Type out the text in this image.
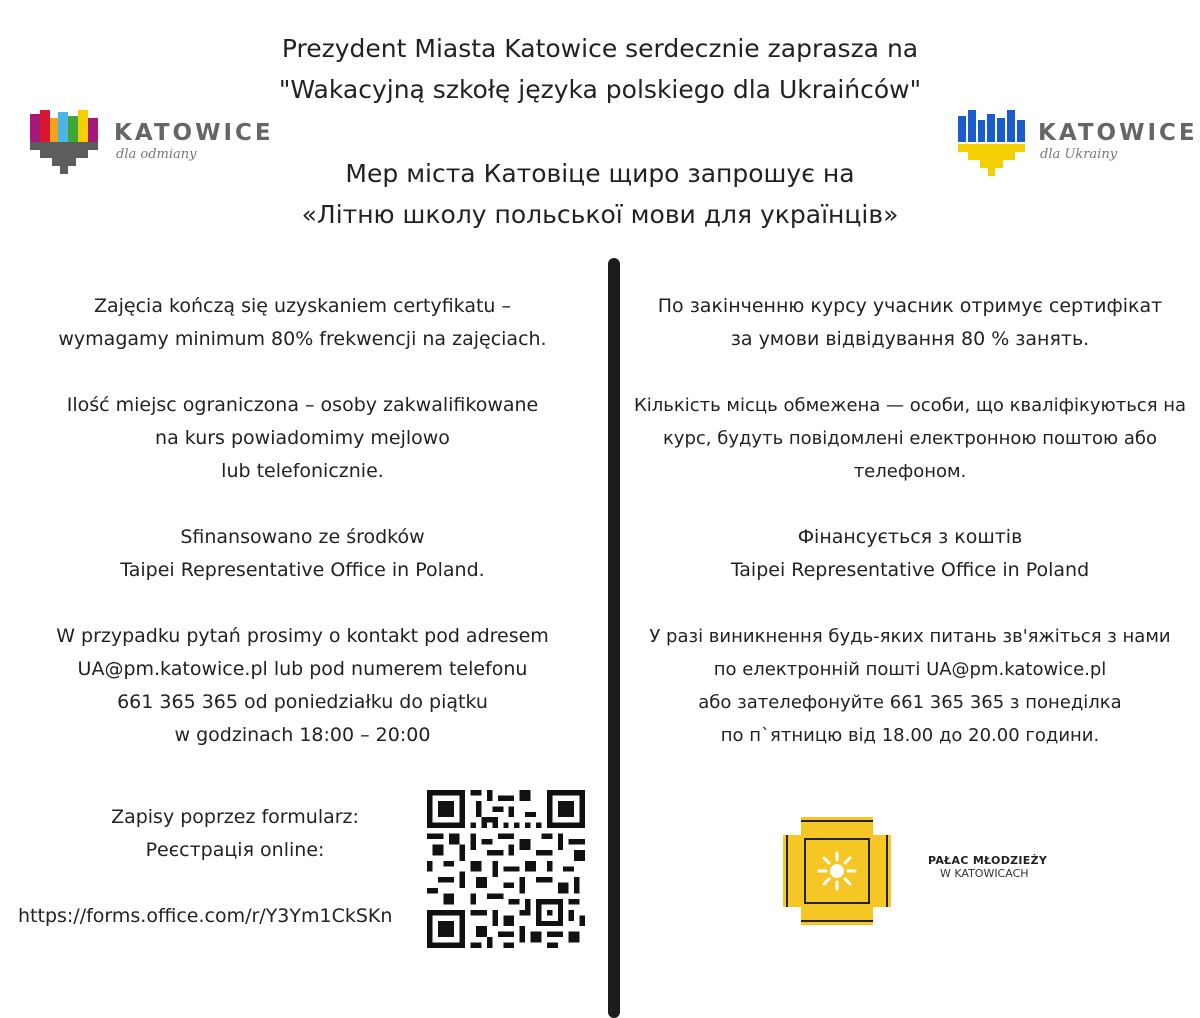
Prezydent Miasta Katowice serdecznie zaprasza na
"Wakacyjną szkołę języka polskiego dla Ukraińców"
Мер міста Катовіце щиро запрошує на
«Літню школу польської мови для українців»
KATOWICE
dla odmiany
KATOWICE
dla Ukrainy
Zajęcia kończą się uzyskaniem certyfikatu –
wymagamy minimum 80% frekwencji na zajęciach.
Ilość miejsc ograniczona – osoby zakwalifikowane
na kurs powiadomimy mejlowo
lub telefonicznie.
Sfinansowano ze środków
Taipei Representative Office in Poland.
W przypadku pytań prosimy o kontakt pod adresem
UA@pm.katowice.pl lub pod numerem telefonu
661 365 365 od poniedziałku do piątku
w godzinach 18:00 – 20:00
По закінченню курсу учасник отримує сертифікат
за умови відвідування 80 % занять.
Кількість місць обмежена — особи, що кваліфікуються на
курс, будуть повідомлені електронною поштою або
телефоном.
Фінансується з коштів
Taipei Representative Office in Poland
У разі виникнення будь-яких питань зв'яжіться з нами
по електронній пошті UA@pm.katowice.pl
або зателефонуйте 661 365 365 з понеділка
по п`ятницю від 18.00 до 20.00 години.
Zapisy poprzez formularz:
Реєстрація online:
https://forms.office.com/r/Y3Ym1CkSKn
PAŁAC MŁODZIEŻY
W KATOWICACH
